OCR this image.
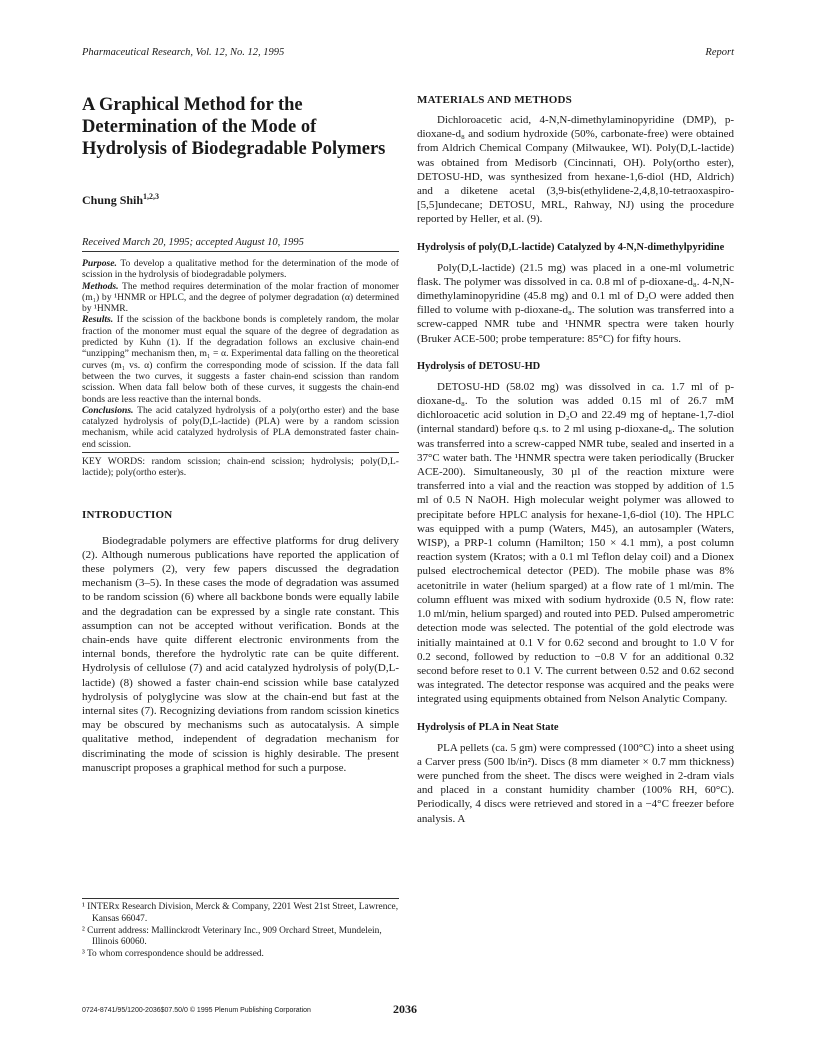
Pharmaceutical Research, Vol. 12, No. 12, 1995	Report
A Graphical Method for the Determination of the Mode of Hydrolysis of Biodegradable Polymers
Chung Shih$^{1,2,3}$
Received March 20, 1995; accepted August 10, 1995

Purpose. To develop a qualitative method for the determination of the mode of scission in the hydrolysis of biodegradable polymers.

Methods. The method requires determination of the molar fraction of monomer (m₁) by ¹HNMR or HPLC, and the degree of polymer degradation (α) determined by ¹HNMR.

Results. If the scission of the backbone bonds is completely random, the molar fraction of the monomer must equal the square of the degree of degradation as predicted by Kuhn (1). If the degradation follows an exclusive chain-end “unzipping” mechanism then, m₁ = α. Experimental data falling on the theoretical curves (m₁ vs. α) confirm the corresponding mode of scission. If the data fall between the two curves, it suggests a faster chain-end scission than random scission. When data fall below both of these curves, it suggests the chain-end bonds are less reactive than the internal bonds.

Conclusions. The acid catalyzed hydrolysis of a poly(ortho ester) and the base catalyzed hydrolysis of poly(D,L-lactide) (PLA) were by a random scission mechanism, while acid catalyzed hydrolysis of PLA demonstrated faster chain-end scission.

KEY WORDS: random scission; chain-end scission; hydrolysis; poly(D,L-lactide); poly(ortho ester)s.
INTRODUCTION

Biodegradable polymers are effective platforms for drug delivery (2). Although numerous publications have reported the application of these polymers (2), very few papers discussed the degradation mechanism (3–5). In these cases the mode of degradation was assumed to be random scission (6) where all backbone bonds were equally labile and the degradation can be expressed by a single rate constant. This assumption can not be accepted without verification. Bonds at the chain-ends have quite different electronic environments from the internal bonds, therefore the hydrolytic rate can be quite different. Hydrolysis of cellulose (7) and acid catalyzed hydrolysis of poly(D,L-lactide) (8) showed a faster chain-end scission while base catalyzed hydrolysis of polyglycine was slow at the chain-end but fast at the internal sites (7). Recognizing deviations from random scission kinetics may be obscured by mechanisms such as autocatalysis. A simple qualitative method, independent of degradation mechanism for discriminating the mode of scission is highly desirable. The present manuscript proposes a graphical method for such a purpose.

¹ INTERx Research Division, Merck & Company, 2201 West 21st Street, Lawrence, Kansas 66047.

² Current address: Mallinckrodt Veterinary Inc., 909 Orchard Street, Mundelein, Illinois 60060.

³ To whom correspondence should be addressed.

MATERIALS AND METHODS

Dichloroacetic acid, 4-N,N-dimethylaminopyridine (DMP), p-dioxane-d₈ and sodium hydroxide (50%, carbonate-free) were obtained from Aldrich Chemical Company (Milwaukee, WI). Poly(D,L-lactide) was obtained from Medisorb (Cincinnati, OH). Poly(ortho ester), DETOSU-HD, was synthesized from hexane-1,6-diol (HD, Aldrich) and a diketene acetal (3,9-bis(ethylidene-2,4,8,10-tetraoxaspiro-[5,5]undecane; DETOSU, MRL, Rahway, NJ) using the procedure reported by Heller, et al. (9).

Hydrolysis of poly(D,L-lactide) Catalyzed by 4-N,N-dimethylpyridine

Poly(D,L-lactide) (21.5 mg) was placed in a one-ml volumetric flask. The polymer was dissolved in ca. 0.8 ml of p-dioxane-d₈. 4-N,N-dimethylaminopyridine (45.8 mg) and 0.1 ml of D₂O were added then filled to volume with p-dioxane-d₈. The solution was transferred into a screw-capped NMR tube and ¹HNMR spectra were taken hourly (Bruker ACE-500; probe temperature: 85°C) for fifty hours.

Hydrolysis of DETOSU-HD

DETOSU-HD (58.02 mg) was dissolved in ca. 1.7 ml of p-dioxane-d₈. To the solution was added 0.15 ml of 26.7 mM dichloroacetic acid solution in D₂O and 22.49 mg of heptane-1,7-diol (internal standard) before q.s. to 2 ml using p-dioxane-d₈. The solution was transferred into a screw-capped NMR tube, sealed and inserted in a 37°C water bath. The ¹HNMR spectra were taken periodically (Brucker ACE-200). Simultaneously, 30 µl of the reaction mixture were transferred into a vial and the reaction was stopped by addition of 1.5 ml of 0.5 N NaOH. High molecular weight polymer was allowed to precipitate before HPLC analysis for hexane-1,6-diol (10). The HPLC was equipped with a pump (Waters, M45), an autosampler (Waters, WISP), a PRP-1 column (Hamilton; 150 × 4.1 mm), a post column reaction system (Kratos; with a 0.1 ml Teflon delay coil) and a Dionex pulsed electrochemical detector (PED). The mobile phase was 8% acetonitrile in water (helium sparged) at a flow rate of 1 ml/min. The column effluent was mixed with sodium hydroxide (0.5 N, flow rate: 1.0 ml/min, helium sparged) and routed into PED. Pulsed amperometric detection mode was selected. The potential of the gold electrode was initially maintained at 0.1 V for 0.62 second and brought to 1.0 V for 0.2 second, followed by reduction to −0.8 V for an additional 0.32 second before reset to 0.1 V. The current between 0.52 and 0.62 second was integrated. The detector response was acquired and the peaks were integrated using equipments obtained from Nelson Analytic Company.

Hydrolysis of PLA in Neat State

PLA pellets (ca. 5 gm) were compressed (100°C) into a sheet using a Carver press (500 lb/in²). Discs (8 mm diameter × 0.7 mm thickness) were punched from the sheet. The discs were weighed in 2-dram vials and placed in a constant humidity chamber (100% RH, 60°C). Periodically, 4 discs were retrieved and stored in a −4°C freezer before analysis. A

0724-8741/95/1200-2036$07.50/0 © 1995 Plenum Publishing Corporation	2036
